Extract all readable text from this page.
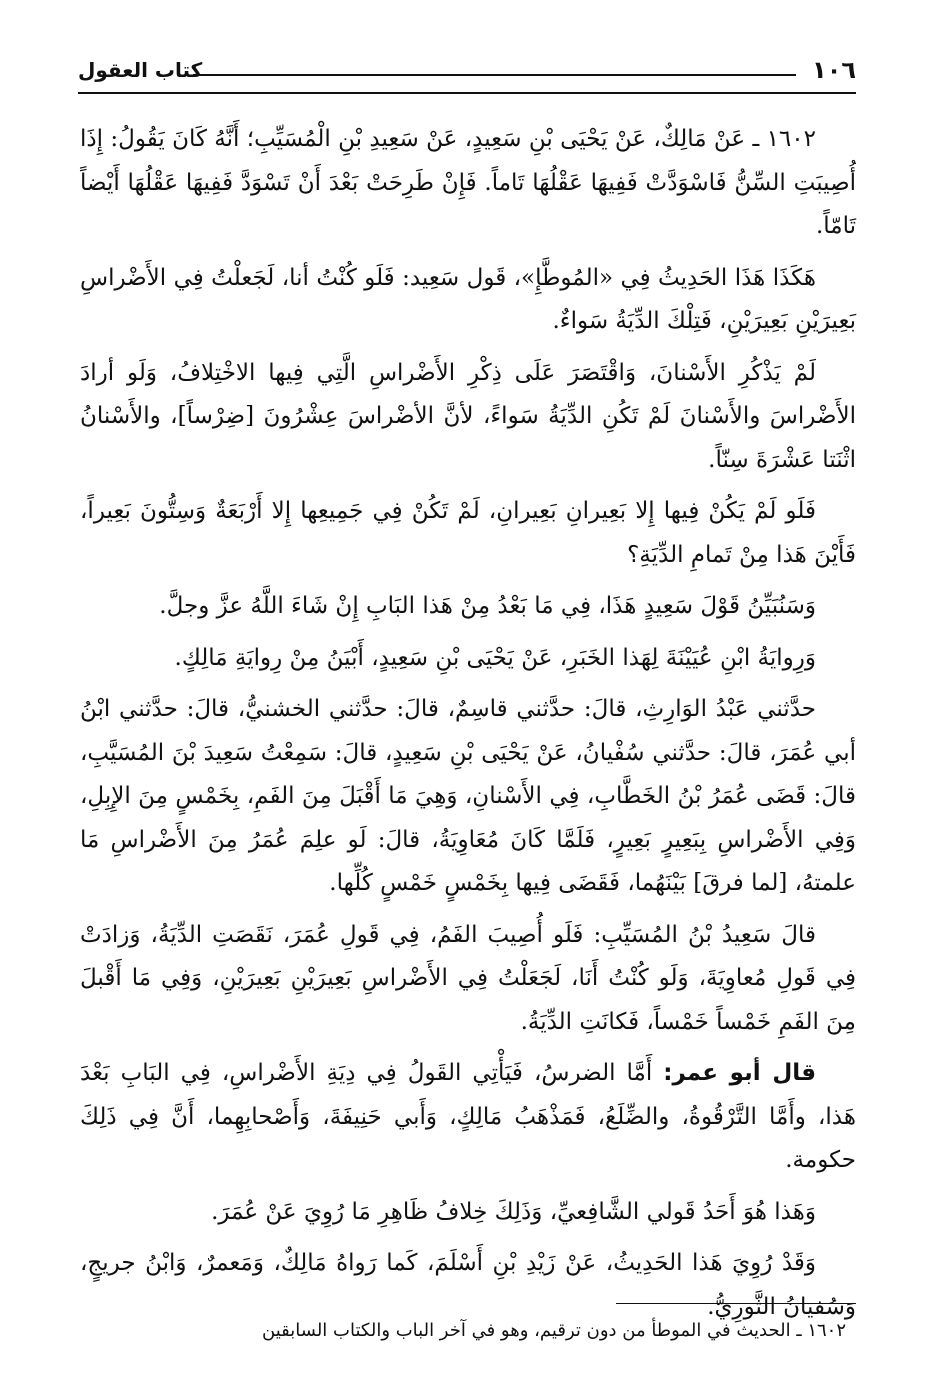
١٠٦
كتاب العقول

١٦٠٢ ـ عَنْ مَالِكٌ، عَنْ يَحْيَى بْنِ سَعِيدٍ، عَنْ سَعِيدِ بْنِ الْمُسَيِّبِ؛ أَنَّهُ كَانَ يَقُولُ: إِذَا أُصِيبَتِ السِّنُّ فَاسْوَدَّتْ فَفِيهَا عَقْلُهَا تَاماً. فَإِنْ طَرِحَتْ بَعْدَ أَنْ تَسْوَدَّ فَفِيهَا عَقْلُهَا أَيْضاً تَامّاً.

هَكَذَا هَذَا الحَدِيثُ فِي «المُوطَّإِ»، قَول سَعِيد: فَلَو كُنْتُ أنا، لَجَعلْتُ فِي الأَضْراسِ بَعِيرَيْنِ بَعِيرَيْنِ، فَتِلْكَ الدِّيَةُ سَواءٌ.

لَمْ يَذْكُرِ الأَسْنانَ، وَاقْتَصَرَ عَلَى ذِكْرِ الأَضْراسِ الَّتِي فِيها الاخْتِلافُ، وَلَو أرادَ الأَضْراسَ والأَسْنانَ لَمْ تَكُنِ الدِّيَةُ سَواءً، لأنَّ الأضْراسَ عِشْرُونَ [ضِرْساً]، والأَسْنانُ اثْنَتا عَشْرَةَ سِنّاً.

فَلَو لَمْ يَكُنْ فِيها إِلا بَعِيرانِ بَعِيرانِ، لَمْ تَكُنْ فِي جَمِيعِها إِلا أَرْبَعَةٌ وَسِتُّونَ بَعِيراً، فَأَيْنَ هَذا مِنْ تَمامِ الدِّيَةِ؟

وَسَنُبَيِّنُ قَوْلَ سَعِيدٍ هَذَا، فِي مَا بَعْدُ مِنْ هَذا البَابِ إِنْ شَاءَ اللَّهُ عزَّ وجلَّ.

وَرِوايَةُ ابْنِ عُيَيْنَةَ لِهَذا الخَبَرِ، عَنْ يَحْيَى بْنِ سَعِيدٍ، أَبْيَنُ مِنْ رِوايَةِ مَالِكٍ.

حدَّثني عَبْدُ الوَارِثِ، قالَ: حدَّثني قاسِمٌ، قالَ: حدَّثني الخشنيُّ، قالَ: حدَّثني ابْنُ أبي عُمَرَ، قالَ: حدَّثني سُفْيانُ، عَنْ يَحْيَى بْنِ سَعِيدٍ، قالَ: سَمِعْتُ سَعِيدَ بْنَ المُسَيَّبِ، قالَ: قَضَى عُمَرُ بْنُ الخَطَّابِ، فِي الأَسْنانِ، وَهِيَ مَا أَقْبَلَ مِنَ الفَمِ، بِخَمْسٍ مِنَ الإِبِلِ، وَفِي الأَضْراسِ بِبَعِيرٍ بَعِيرٍ، فَلَمَّا كَانَ مُعَاوِيَةُ، قالَ: لَو علِمَ عُمَرُ مِنَ الأَضْراسِ مَا علمتهُ، [لما فرقَ] بَيْنَهُما، فَقَضَى فِيها بِخَمْسٍ خَمْسٍ كُلِّها.

قالَ سَعِيدُ بْنُ المُسَيِّبِ: فَلَو أُصِيبَ الفَمُ، فِي قَولِ عُمَرَ، نَقَصَتِ الدِّيَةُ، وَزادَتْ فِي قَولِ مُعاوِيَةَ، وَلَو كُنْتُ أَنَا، لَجَعَلْتُ فِي الأَضْراسِ بَعِيرَيْنِ بَعِيرَيْنِ، وَفِي مَا أَقْبلَ مِنَ الفَمِ خَمْساً خَمْساً، فَكانَتِ الدِّيَةُ.

قال أبو عمر: أَمَّا الضرسُ، فَيَأْتِي القَولُ فِي دِيَةِ الأَضْراسِ، فِي البَابِ بَعْدَ هَذا، وأَمَّا التَّرْقُوةُ، والضِّلَعُ، فَمَذْهَبُ مَالِكٍ، وَأَبي حَنِيفَةَ، وَأَصْحابِهِما، أَنَّ فِي ذَلِكَ حكومة.

وَهَذا هُوَ أَحَدُ قَولي الشَّافِعيِّ، وَذَلِكَ خِلافُ ظَاهِرِ مَا رُوِيَ عَنْ عُمَرَ.

وَقَدْ رُوِيَ هَذا الحَدِيثُ، عَنْ زَيْدِ بْنِ أَسْلَمَ، كَما رَواهُ مَالِكٌ، وَمَعمرٌ، وَابْنُ جريجٍ، وَسُفيانُ الثَّورِيُّ.

١٦٠٢ ـ الحديث في الموطأ من دون ترقيم، وهو في آخر الباب والكتاب السابقين
